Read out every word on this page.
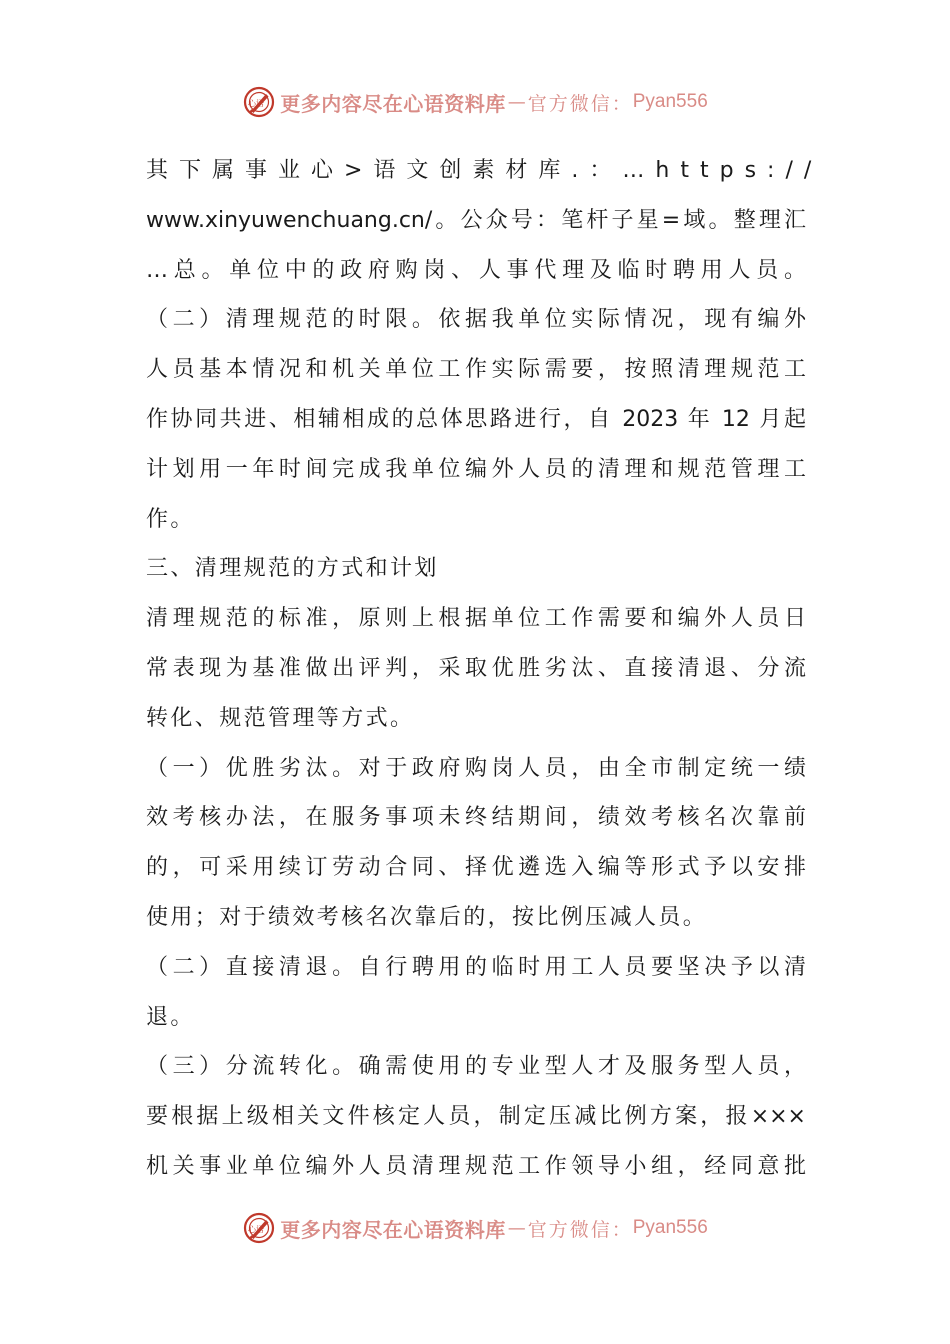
心语 更多内容尽在心语资料库 — 官方微信： Pyan556
其下属事业心>语文创素材库.：…https://
www.xinyuwenchuang.cn/。公众号：笔杆子星=域。整理汇
…总。单位中的政府购岗、人事代理及临时聘用人员。
（二）清理规范的时限。依据我单位实际情况，现有编外
人员基本情况和机关单位工作实际需要，按照清理规范工
作协同共进、相辅相成的总体思路进行，自 2023 年 12 月起
计划用一年时间完成我单位编外人员的清理和规范管理工
作。
三、清理规范的方式和计划
清理规范的标准，原则上根据单位工作需要和编外人员日
常表现为基准做出评判，采取优胜劣汰、直接清退、分流
转化、规范管理等方式。
（一）优胜劣汰。对于政府购岗人员，由全市制定统一绩
效考核办法，在服务事项未终结期间，绩效考核名次靠前
的，可采用续订劳动合同、择优遴选入编等形式予以安排
使用；对于绩效考核名次靠后的，按比例压减人员。
（二）直接清退。自行聘用的临时用工人员要坚决予以清
退。
（三）分流转化。确需使用的专业型人才及服务型人员，
要根据上级相关文件核定人员，制定压减比例方案，报×××
机关事业单位编外人员清理规范工作领导小组，经同意批
心语 更多内容尽在心语资料库 — 官方微信： Pyan556
